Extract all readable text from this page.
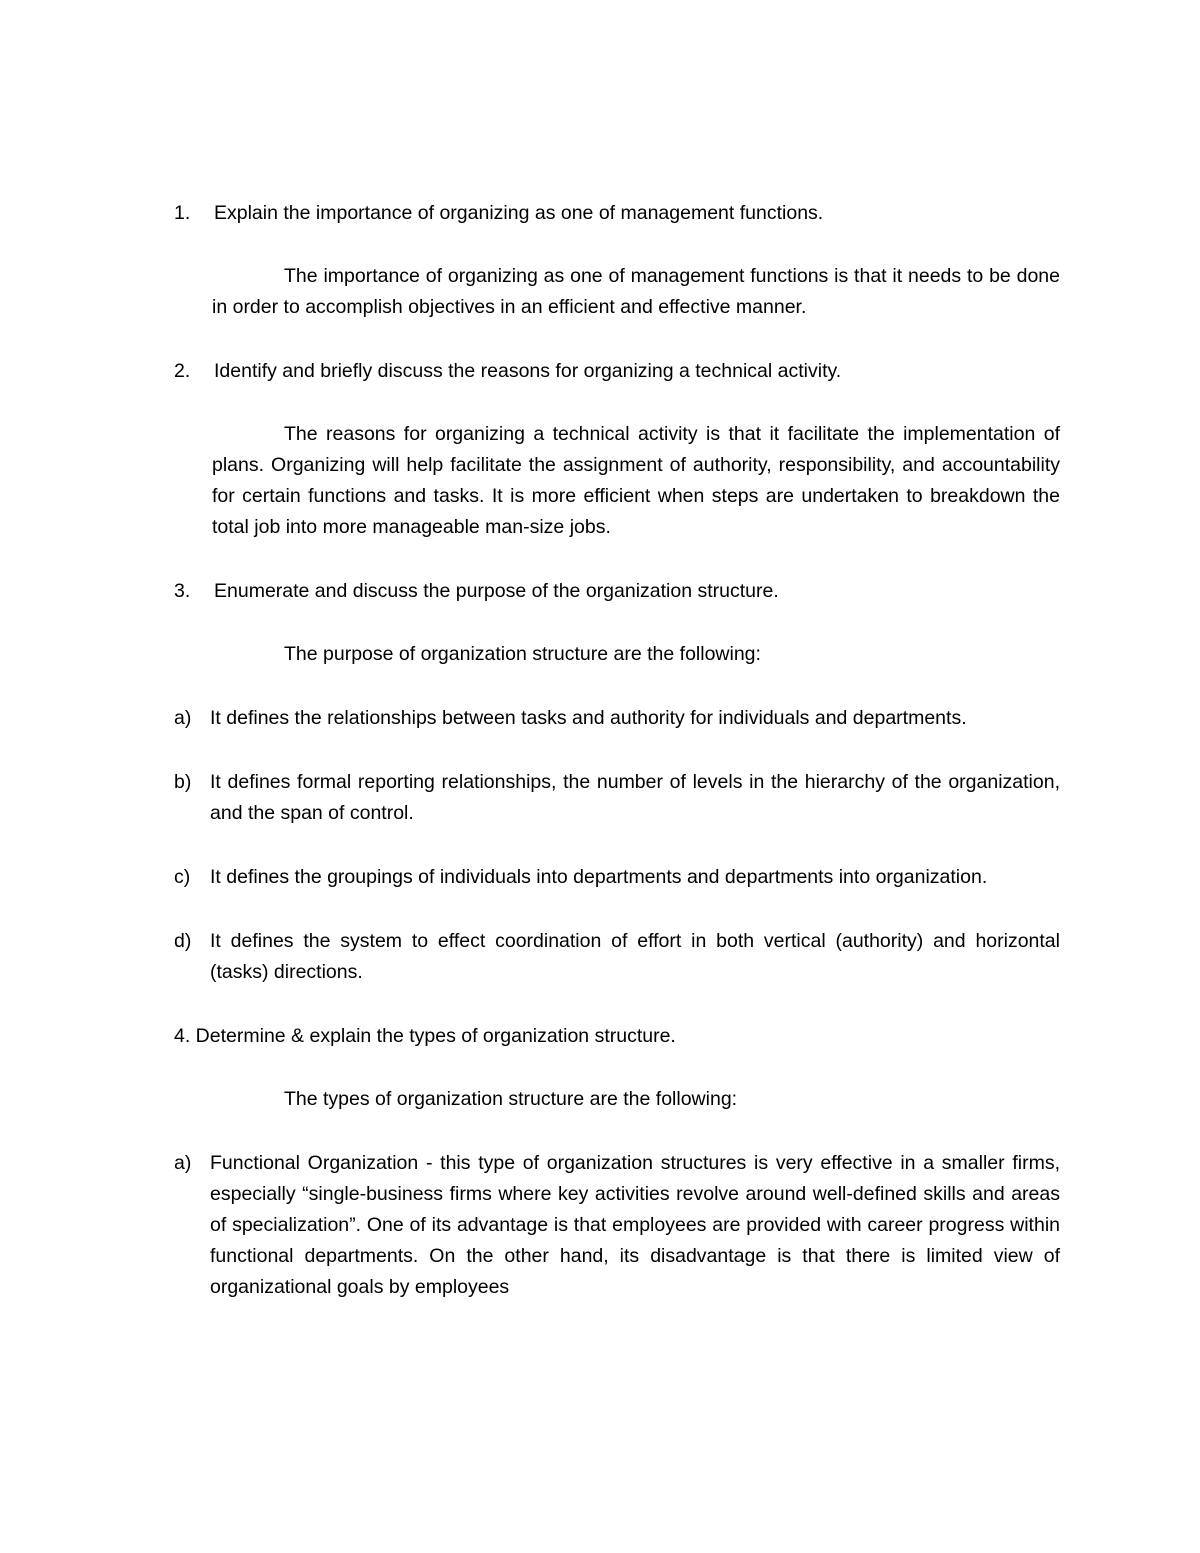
1. Explain the importance of organizing as one of management functions.

The importance of organizing as one of management functions is that it needs to be done in order to accomplish objectives in an efficient and effective manner.

2. Identify and briefly discuss the reasons for organizing a technical activity.

The reasons for organizing a technical activity is that it facilitate the implementation of plans. Organizing will help facilitate the assignment of authority, responsibility, and accountability for certain functions and tasks. It is more efficient when steps are undertaken to breakdown the total job into more manageable man-size jobs.

3. Enumerate and discuss the purpose of the organization structure.

The purpose of organization structure are the following:
a) It defines the relationships between tasks and authority for individuals and departments.
b) It defines formal reporting relationships, the number of levels in the hierarchy of the organization, and the span of control.
c) It defines the groupings of individuals into departments and departments into organization.
d) It defines the system to effect coordination of effort in both vertical (authority) and horizontal (tasks) directions.

4. Determine & explain the types of organization structure.

The types of organization structure are the following:
a) Functional Organization - this type of organization structures is very effective in a smaller firms, especially “single-business firms where key activities revolve around well-defined skills and areas of specialization”. One of its advantage is that employees are provided with career progress within functional departments. On the other hand, its disadvantage is that there is limited view of organizational goals by employees
